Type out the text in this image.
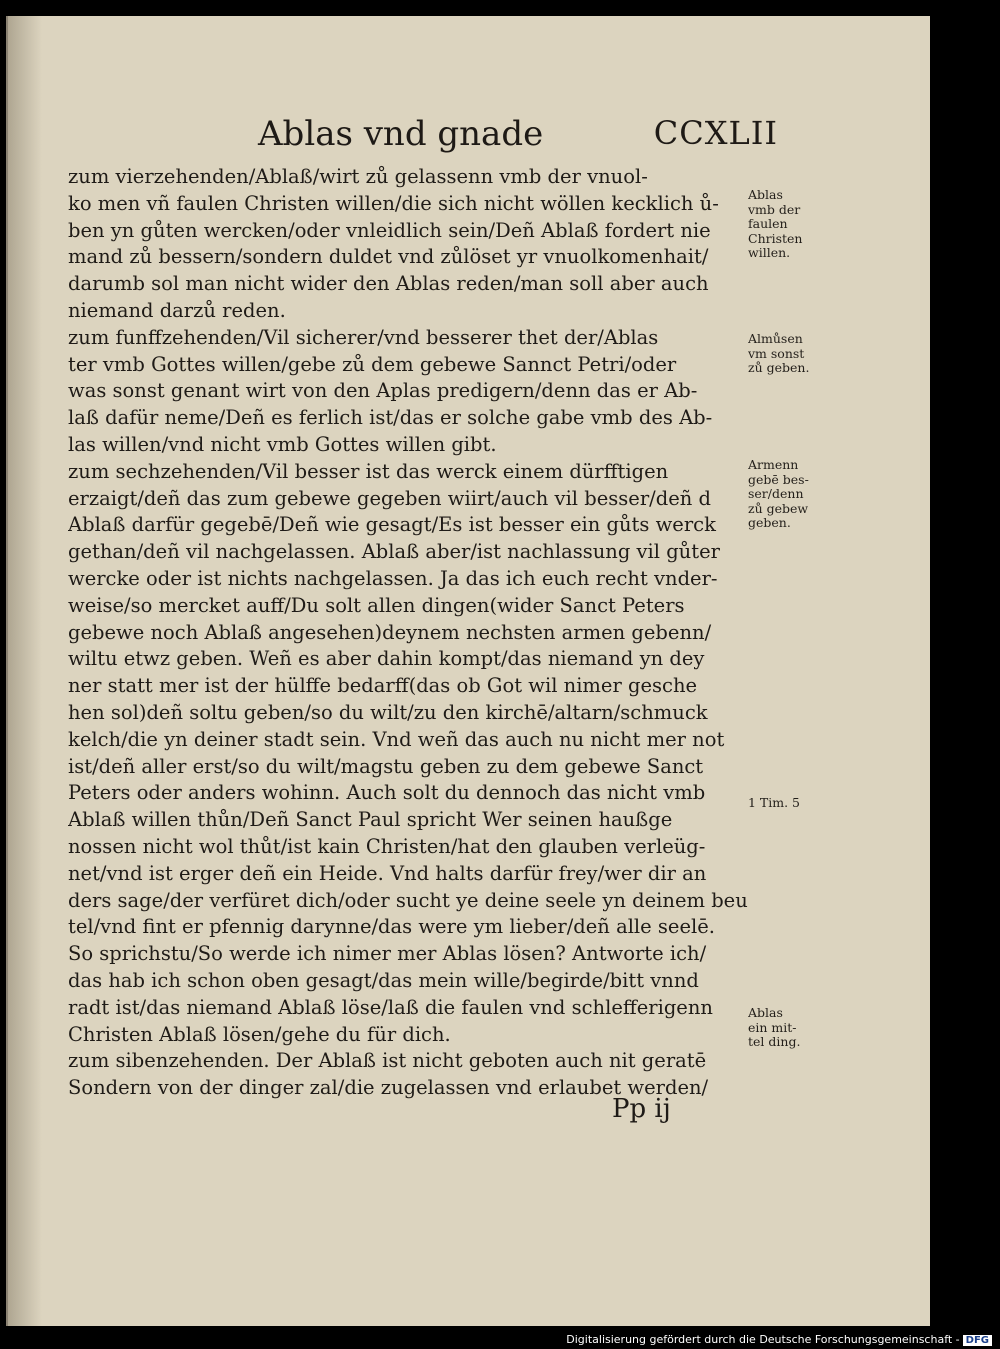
Ablas vnd gnade	CCXLII
zum vierzehenden/Ablaß/wirt zů gelassenn vmb der vnuol-
ko men vñ faulen Christen willen/die sich nicht wöllen kecklich ů-
ben yn gůten wercken/oder vnleidlich sein/Deñ Ablaß fordert nie
mand zů bessern/sondern duldet vnd zůlöset yr vnuolkomenhait/
darumb sol man nicht wider den Ablas reden/man soll aber auch
niemand darzů reden.
zum funffzehenden/Vil sicherer/vnd besserer thet der/Ablas
ter vmb Gottes willen/gebe zů dem gebewe Sannct Petri/oder
was sonst genant wirt von den Aplas predigern/denn das er Ab-
laß dafür neme/Deñ es ferlich ist/das er solche gabe vmb des Ab-
las willen/vnd nicht vmb Gottes willen gibt.
zum sechzehenden/Vil besser ist das werck einem dürfftigen
erzaigt/deñ das zum gebewe gegeben wiirt/auch vil besser/deñ d
Ablaß darfür gegebē/Deñ wie gesagt/Es ist besser ein gůts werck
gethan/deñ vil nachgelassen. Ablaß aber/ist nachlassung vil gůter
wercke oder ist nichts nachgelassen. Ja das ich euch recht vnder-
weise/so mercket auff/Du solt allen dingen(wider Sanct Peters
gebewe noch Ablaß angesehen)deynem nechsten armen gebenn/
wiltu etwz geben. Weñ es aber dahin kompt/das niemand yn dey
ner statt mer ist der hülffe bedarff(das ob Got wil nimer gesche
hen sol)deñ soltu geben/so du wilt/zu den kirchē/altarn/schmuck
kelch/die yn deiner stadt sein. Vnd weñ das auch nu nicht mer not
ist/deñ aller erst/so du wilt/magstu geben zu dem gebewe Sanct
Peters oder anders wohinn. Auch solt du dennoch das nicht vmb
Ablaß willen thůn/Deñ Sanct Paul spricht Wer seinen haußge
nossen nicht wol thůt/ist kain Christen/hat den glauben verleüg-
net/vnd ist erger deñ ein Heide. Vnd halts darfür frey/wer dir an
ders sage/der verfüret dich/oder sucht ye deine seele yn deinem beu
tel/vnd fint er pfennig darynne/das were ym lieber/deñ alle seelē.
So sprichstu/So werde ich nimer mer Ablas lösen? Antworte ich/
das hab ich schon oben gesagt/das mein wille/begirde/bitt vnnd
radt ist/das niemand Ablaß löse/laß die faulen vnd schlefferigenn
Christen Ablaß lösen/gehe du für dich.
zum sibenzehenden. Der Ablaß ist nicht geboten auch nit geratē
Sondern von der dinger zal/die zugelassen vnd erlaubet werden/
Ablas
vmb der
faulen
Christen
willen.
Almůsen
vm sonst
zů geben.
Armenn
gebē bes-
ser/denn
zů gebew
geben.
1 Tim. 5
Ablas
ein mit-
tel ding.
Pp ij
Digitalisierung gefördert durch die Deutsche Forschungsgemeinschaft - DFG
